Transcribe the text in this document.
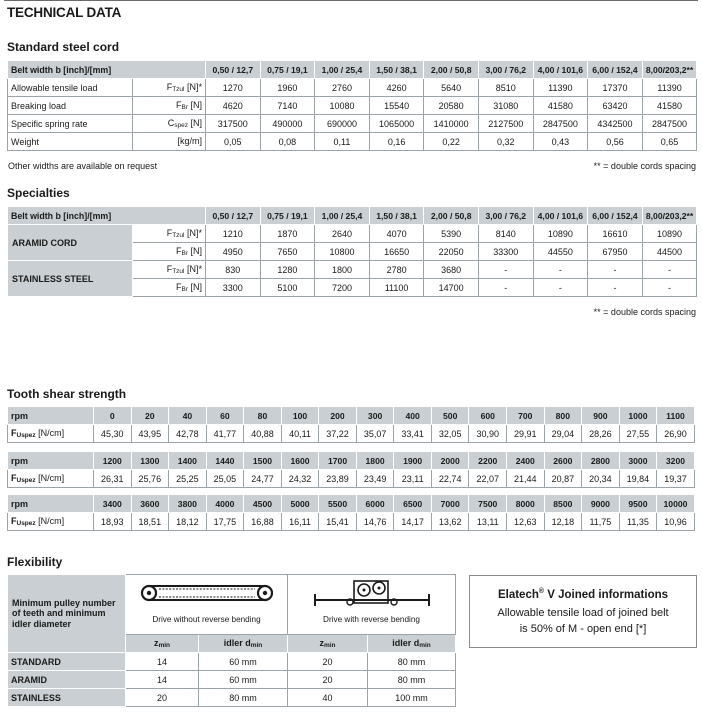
TECHNICAL DATA
Standard steel cord
Belt width b [inch]/[mm]		0,50 / 12,7	0,75 / 19,1	1,00 / 25,4	1,50 / 38,1	2,00 / 50,8	3,00 / 76,2	4,00 / 101,6	6,00 / 152,4	8,00/203,2**
Allowable tensile load	$F_{Tzul}$ [N]*	1270	1960	2760	4260	5640	8510	11390	17370	11390
Breaking load	$F_{Br}$ [N]	4620	7140	10080	15540	20580	31080	41580	63420	41580
Specific spring rate	$C_{spez}$ [N]	317500	490000	690000	1065000	1410000	2127500	2847500	4342500	2847500
Weight	[kg/m]	0,05	0,08	0,11	0,16	0,22	0,32	0,43	0,56	0,65
Other widths are available on request	** = double cords spacing
Specialties
Belt width b [inch]/[mm]		0,50 / 12,7	0,75 / 19,1	1,00 / 25,4	1,50 / 38,1	2,00 / 50,8	3,00 / 76,2	4,00 / 101,6	6,00 / 152,4	8,00/203,2**
ARAMID CORD	$F_{Tzul}$ [N]*	1210	1870	2640	4070	5390	8140	10890	16610	10890
	$F_{Br}$ [N]	4950	7650	10800	16650	22050	33300	44550	67950	44500
STAINLESS STEEL	$F_{Tzul}$ [N]*	830	1280	1800	2780	3680	-	-	-	-
	$F_{Br}$ [N]	3300	5100	7200	11100	14700	-	-	-	-
** = double cords spacing
Tooth shear strength
rpm	0	20	40	60	80	100	200	300	400	500	600	700	800	900	1000	1100
$F_{Uspez}$ [N/cm]	45,30	43,95	42,78	41,77	40,88	40,11	37,22	35,07	33,41	32,05	30,90	29,91	29,04	28,26	27,55	26,90
rpm	1200	1300	1400	1440	1500	1600	1700	1800	1900	2000	2200	2400	2600	2800	3000	3200
$F_{Uspez}$ [N/cm]	26,31	25,76	25,25	25,05	24,77	24,32	23,89	23,49	23,11	22,74	22,07	21,44	20,87	20,34	19,84	19,37
rpm	3400	3600	3800	4000	4500	5000	5500	6000	6500	7000	7500	8000	8500	9000	9500	10000
$F_{Uspez}$ [N/cm]	18,93	18,51	18,12	17,75	16,88	16,11	15,41	14,76	14,17	13,62	13,11	12,63	12,18	11,75	11,35	10,96
Flexibility
Minimum pulley number of teeth and minimum idler diameter	Drive without reverse bending		Drive with reverse bending	

	$z_{min}$	idler $d_{min}$	$z_{min}$	idler $d_{min}$
STANDARD	14	60 mm	20	80 mm
ARAMID	14	60 mm	20	80 mm
STAINLESS	20	80 mm	40	100 mm
Elatech® V Joined informations
Allowable tensile load of joined belt
is 50% of M - open end [*]
